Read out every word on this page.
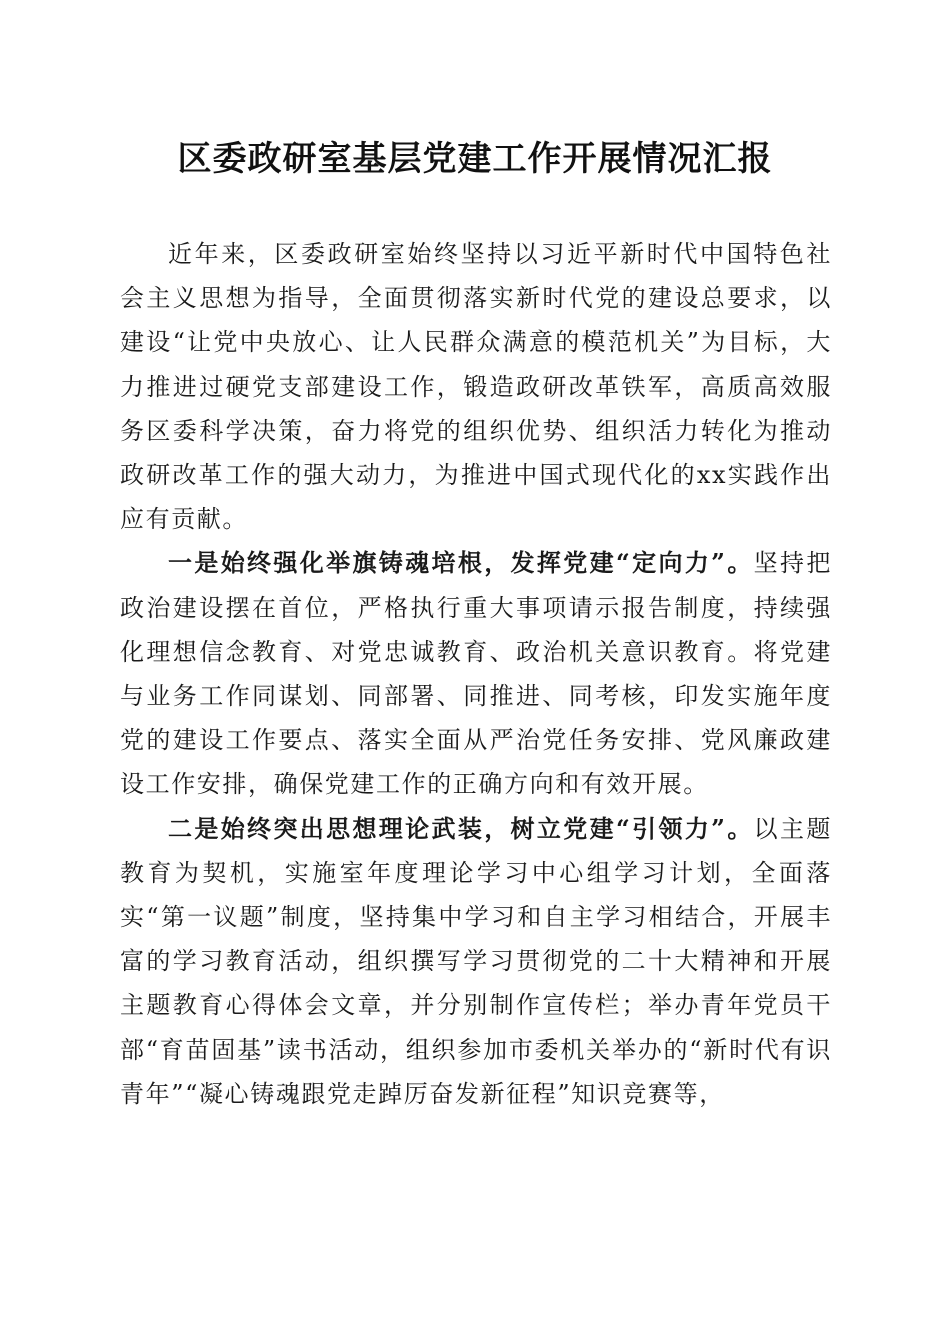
区委政研室基层党建工作开展情况汇报

近年来，区委政研室始终坚持以习近平新时代中国特色社会主义思想为指导，全面贯彻落实新时代党的建设总要求，以建设“让党中央放心、让人民群众满意的模范机关”为目标，大力推进过硬党支部建设工作，锻造政研改革铁军，高质高效服务区委科学决策，奋力将党的组织优势、组织活力转化为推动政研改革工作的强大动力，为推进中国式现代化的xx实践作出应有贡献。

一是始终强化举旗铸魂培根，发挥党建“定向力”。坚持把政治建设摆在首位，严格执行重大事项请示报告制度，持续强化理想信念教育、对党忠诚教育、政治机关意识教育。将党建与业务工作同谋划、同部署、同推进、同考核，印发实施年度党的建设工作要点、落实全面从严治党任务安排、党风廉政建设工作安排，确保党建工作的正确方向和有效开展。

二是始终突出思想理论武装，树立党建“引领力”。以主题教育为契机，实施室年度理论学习中心组学习计划，全面落实“第一议题”制度，坚持集中学习和自主学习相结合，开展丰富的学习教育活动，组织撰写学习贯彻党的二十大精神和开展主题教育心得体会文章，并分别制作宣传栏；举办青年党员干部“育苗固基”读书活动，组织参加市委机关举办的“新时代有识青年”“凝心铸魂跟党走踔厉奋发新征程”知识竞赛等，
